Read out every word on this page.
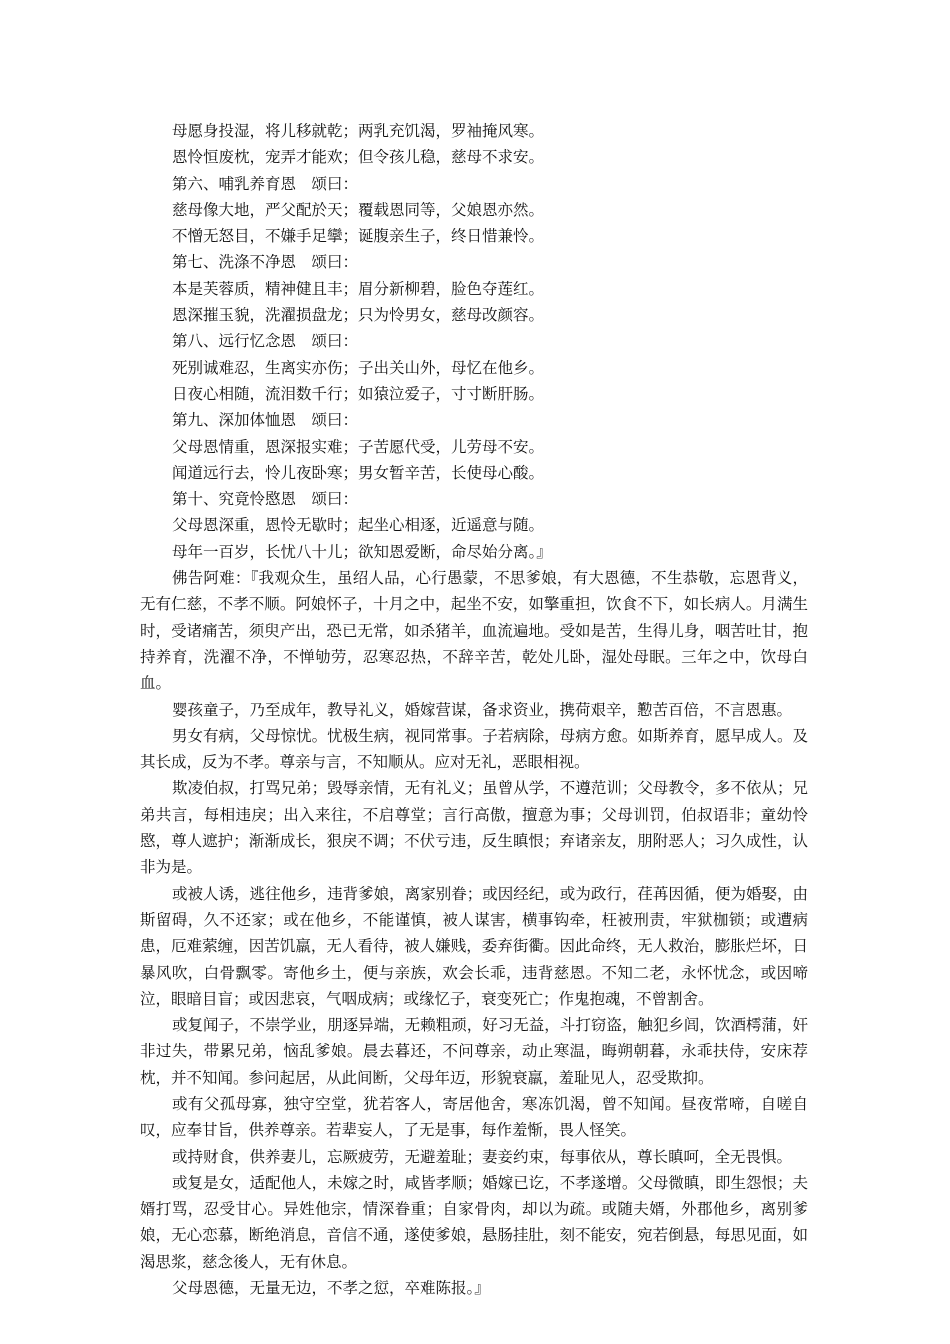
母愿身投湿，将儿移就乾；两乳充饥渴，罗袖掩风寒。
恩怜恒废枕，宠弄才能欢；但令孩儿稳，慈母不求安。
第六、哺乳养育恩　颂曰：
慈母像大地，严父配於天；覆载恩同等，父娘恩亦然。
不憎无怒目，不嫌手足攣；诞腹亲生子，终日惜兼怜。
第七、洗涤不净恩　颂曰：
本是芙蓉质，精神健且丰；眉分新柳碧，脸色夺莲红。
恩深摧玉貌，洗濯损盘龙；只为怜男女，慈母改颜容。
第八、远行忆念恩　颂曰：
死别诚难忍，生离实亦伤；子出关山外，母忆在他乡。
日夜心相随，流泪数千行；如猿泣爱子，寸寸断肝肠。
第九、深加体恤恩　颂曰：
父母恩情重，恩深报实难；子苦愿代受，儿劳母不安。
闻道远行去，怜儿夜卧寒；男女暂辛苦，长使母心酸。
第十、究竟怜愍恩　颂曰：
父母恩深重，恩怜无歇时；起坐心相逐，近遥意与随。
母年一百岁，长忧八十儿；欲知恩爱断，命尽始分离。』

佛告阿难：『我观众生，虽绍人品，心行愚蒙，不思爹娘，有大恩德，不生恭敬，忘恩背义，无有仁慈，不孝不顺。阿娘怀子，十月之中，起坐不安，如擎重担，饮食不下，如长病人。月满生时，受诸痛苦，须臾产出，恐已无常，如杀猪羊，血流遍地。受如是苦，生得儿身，咽苦吐甘，抱持养育，洗濯不净，不惮劬劳，忍寒忍热，不辞辛苦，乾处儿卧，湿处母眠。三年之中，饮母白血。

婴孩童子，乃至成年，教导礼义，婚嫁营谋，备求资业，携荷艰辛，懃苦百倍，不言恩惠。

男女有病，父母惊忧。忧极生病，视同常事。子若病除，母病方愈。如斯养育，愿早成人。及其长成，反为不孝。尊亲与言，不知顺从。应对无礼，恶眼相视。

欺凌伯叔，打骂兄弟；毁辱亲情，无有礼义；虽曾从学，不遵范训；父母教令，多不依从；兄弟共言，每相违戾；出入来往，不启尊堂；言行高傲，擅意为事；父母训罚，伯叔语非；童幼怜愍，尊人遮护；渐渐成长，狠戾不调；不伏亏违，反生瞋恨；弃诸亲友，朋附恶人；习久成性，认非为是。

或被人诱，逃往他乡，违背爹娘，离家别眷；或因经纪，或为政行，荏苒因循，便为婚娶，由斯留碍，久不还家；或在他乡，不能谨慎，被人谋害，横事钩牵，枉被刑责，牢狱枷锁；或遭病患，厄难萦缠，因苦饥羸，无人看待，被人嫌贱，委弃街衢。因此命终，无人救治，膨胀烂坏，日暴风吹，白骨飘零。寄他乡土，便与亲族，欢会长乖，违背慈恩。不知二老，永怀忧念，或因啼泣，眼暗目盲；或因悲哀，气咽成病；或缘忆子，衰变死亡；作鬼抱魂，不曾割舍。

或复闻子，不崇学业，朋逐异端，无赖粗顽，好习无益，斗打窃盗，触犯乡闾，饮酒樗蒲，奸非过失，带累兄弟，恼乱爹娘。晨去暮还，不问尊亲，动止寒温，晦朔朝暮，永乖扶侍，安床荐枕，并不知闻。参问起居，从此间断，父母年迈，形貌衰羸，羞耻见人，忍受欺抑。

或有父孤母寡，独守空堂，犹若客人，寄居他舍，寒冻饥渴，曾不知闻。昼夜常啼，自嗟自叹，应奉甘旨，供养尊亲。若辈妄人，了无是事，每作羞惭，畏人怪笑。

或持财食，供养妻儿，忘厥疲劳，无避羞耻；妻妾约束，每事依从，尊长瞋呵，全无畏惧。

或复是女，适配他人，未嫁之时，咸皆孝顺；婚嫁已讫，不孝遂增。父母微瞋，即生怨恨；夫婿打骂，忍受甘心。异姓他宗，情深眷重；自家骨肉，却以为疏。或随夫婿，外郡他乡，离别爹娘，无心恋慕，断绝消息，音信不通，遂使爹娘，悬肠挂肚，刻不能安，宛若倒悬，每思见面，如渴思浆，慈念後人，无有休息。

父母恩德，无量无边，不孝之愆，卒难陈报。』
